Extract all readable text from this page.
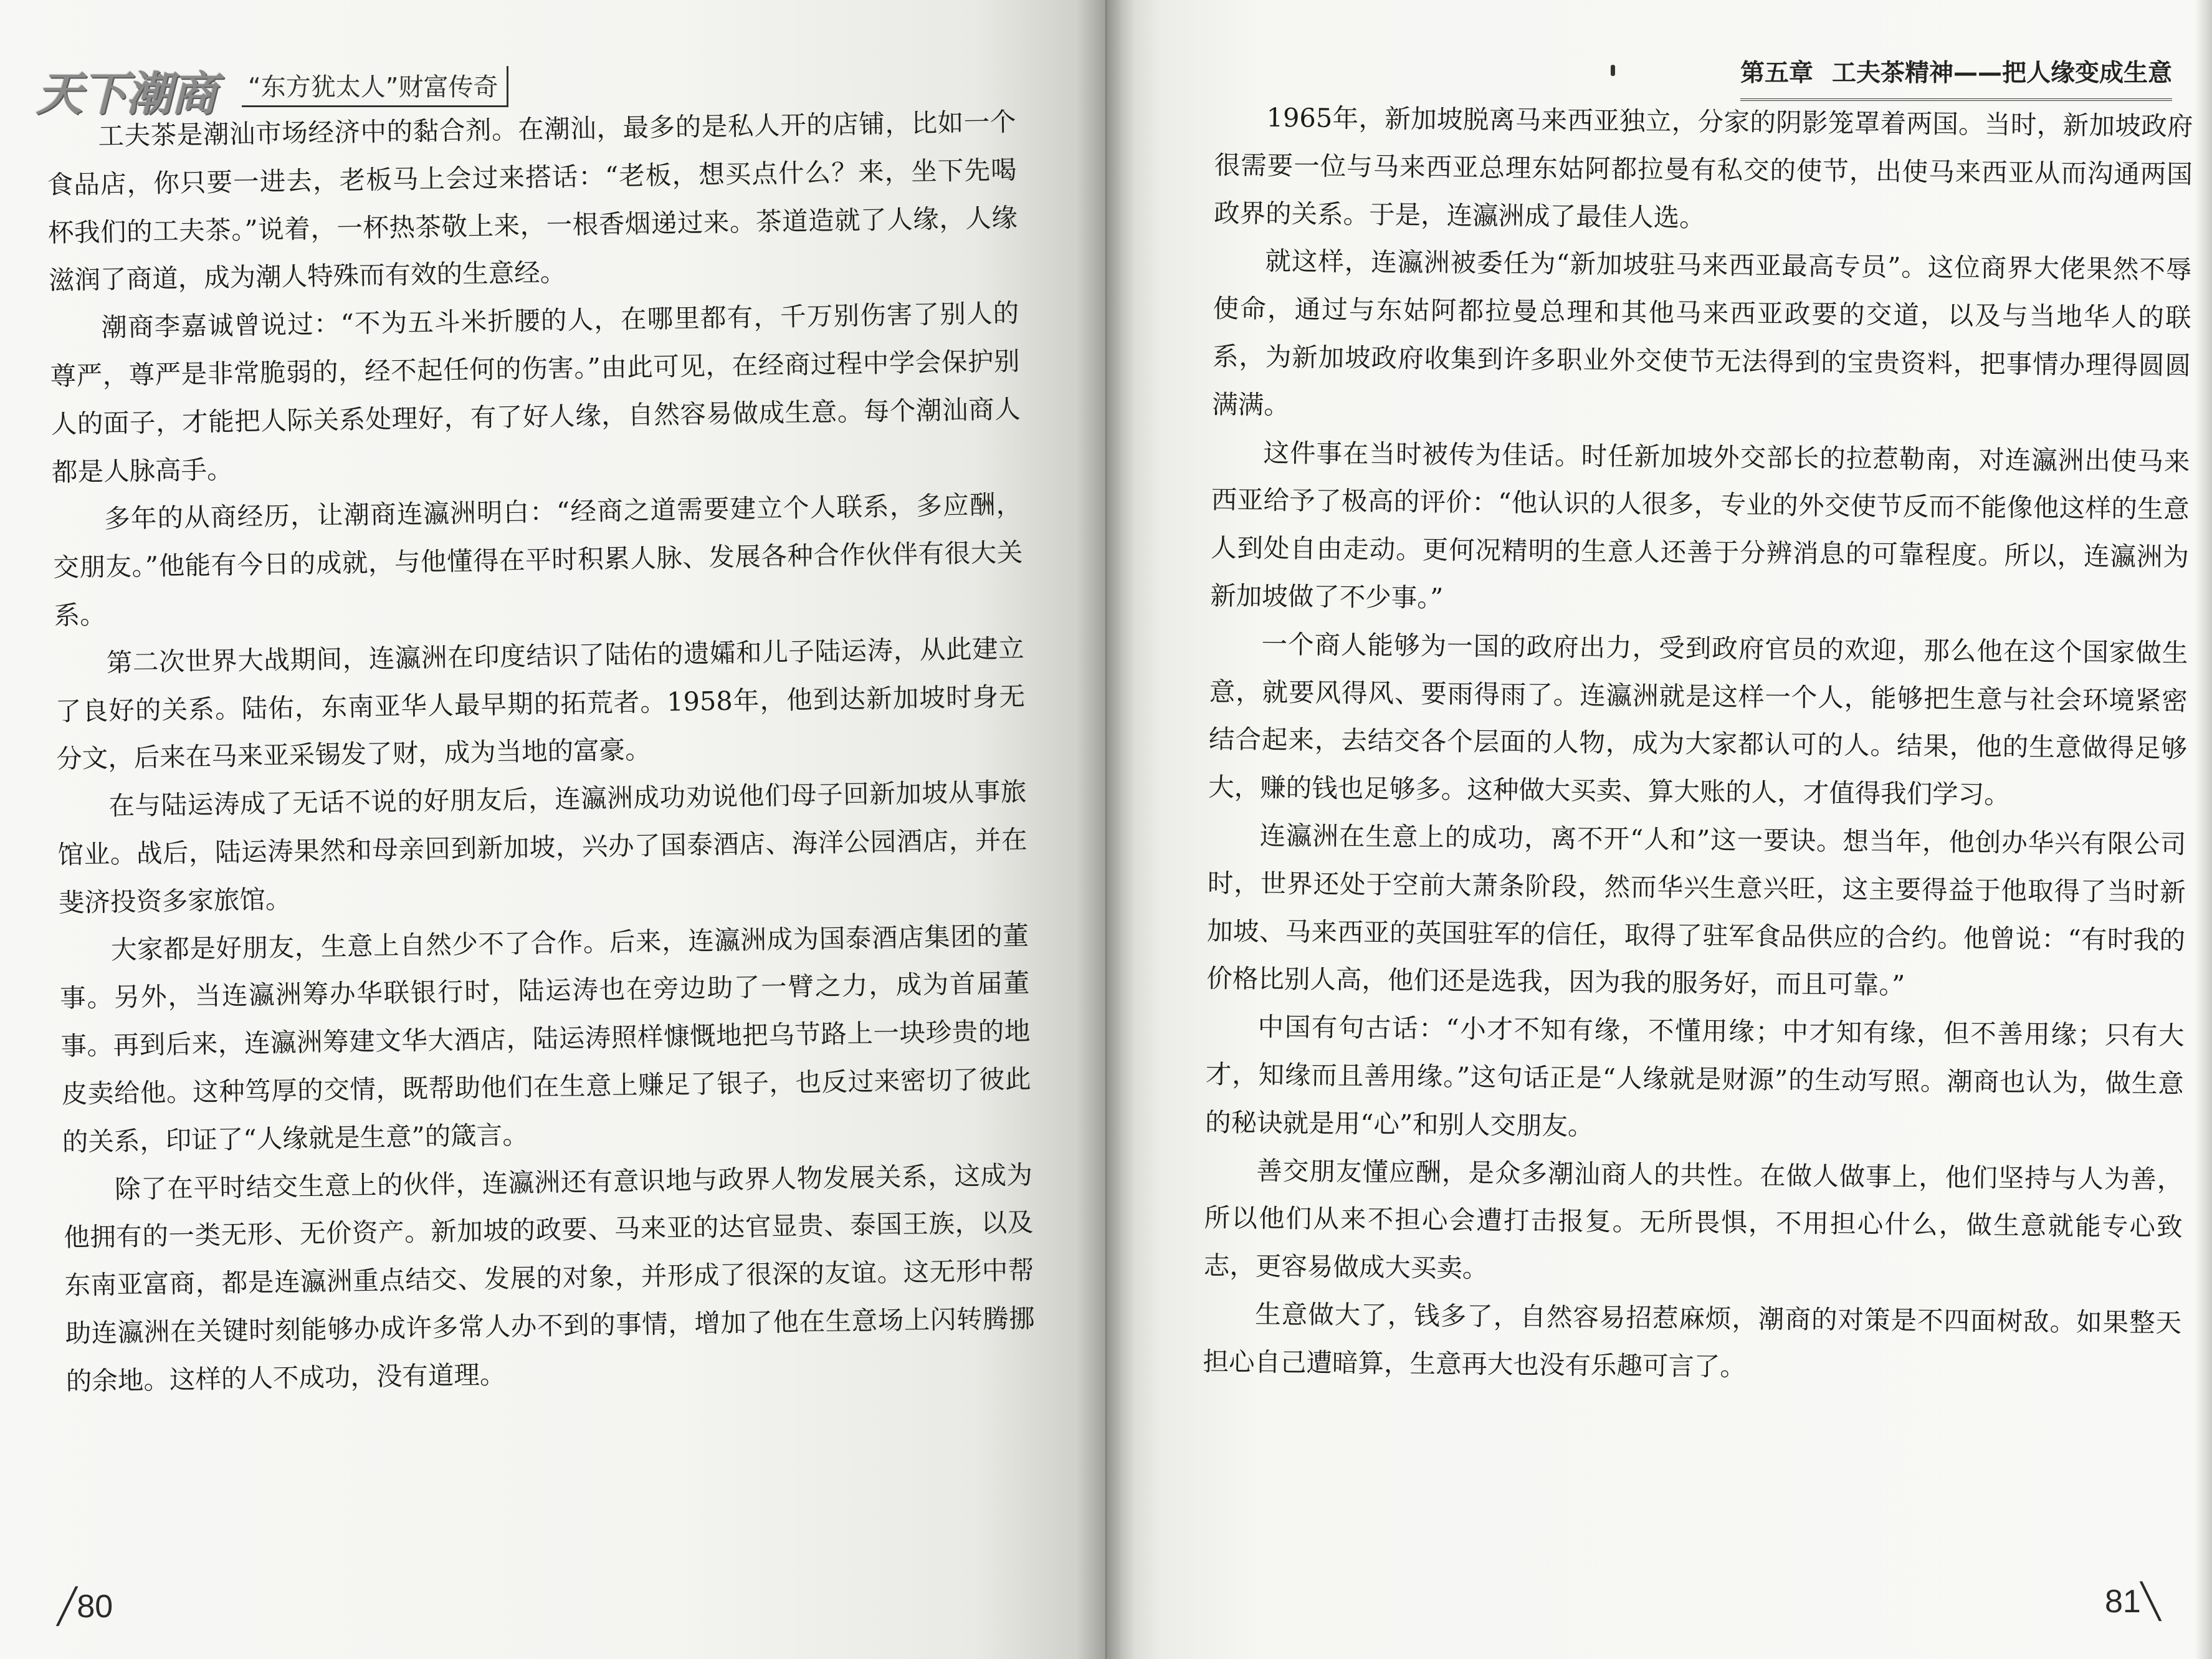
天下潮商 “东方犹太人”财富传奇

工夫茶是潮汕市场经济中的黏合剂。在潮汕，最多的是私人开的店铺，比如一个食品店，你只要一进去，老板马上会过来搭话：“老板，想买点什么？来，坐下先喝杯我们的工夫茶。”说着，一杯热茶敬上来，一根香烟递过来。茶道造就了人缘，人缘滋润了商道，成为潮人特殊而有效的生意经。

潮商李嘉诚曾说过：“不为五斗米折腰的人，在哪里都有，千万别伤害了别人的尊严，尊严是非常脆弱的，经不起任何的伤害。”由此可见，在经商过程中学会保护别人的面子，才能把人际关系处理好，有了好人缘，自然容易做成生意。每个潮汕商人都是人脉高手。

多年的从商经历，让潮商连瀛洲明白：“经商之道需要建立个人联系，多应酬，交朋友。”他能有今日的成就，与他懂得在平时积累人脉、发展各种合作伙伴有很大关系。

第二次世界大战期间，连瀛洲在印度结识了陆佑的遗孀和儿子陆运涛，从此建立了良好的关系。陆佑，东南亚华人最早期的拓荒者。1958年，他到达新加坡时身无分文，后来在马来亚采锡发了财，成为当地的富豪。

在与陆运涛成了无话不说的好朋友后，连瀛洲成功劝说他们母子回新加坡从事旅馆业。战后，陆运涛果然和母亲回到新加坡，兴办了国泰酒店、海洋公园酒店，并在斐济投资多家旅馆。

大家都是好朋友，生意上自然少不了合作。后来，连瀛洲成为国泰酒店集团的董事。另外，当连瀛洲筹办华联银行时，陆运涛也在旁边助了一臂之力，成为首届董事。再到后来，连瀛洲筹建文华大酒店，陆运涛照样慷慨地把乌节路上一块珍贵的地皮卖给他。这种笃厚的交情，既帮助他们在生意上赚足了银子，也反过来密切了彼此的关系，印证了“人缘就是生意”的箴言。

除了在平时结交生意上的伙伴，连瀛洲还有意识地与政界人物发展关系，这成为他拥有的一类无形、无价资产。新加坡的政要、马来亚的达官显贵、泰国王族，以及东南亚富商，都是连瀛洲重点结交、发展的对象，并形成了很深的友谊。这无形中帮助连瀛洲在关键时刻能够办成许多常人办不到的事情，增加了他在生意场上闪转腾挪的余地。这样的人不成功，没有道理。

╱80
第五章 工夫茶精神——把人缘变成生意

1965年，新加坡脱离马来西亚独立，分家的阴影笼罩着两国。当时，新加坡政府很需要一位与马来西亚总理东姑阿都拉曼有私交的使节，出使马来西亚从而沟通两国政界的关系。于是，连瀛洲成了最佳人选。

就这样，连瀛洲被委任为“新加坡驻马来西亚最高专员”。这位商界大佬果然不辱使命，通过与东姑阿都拉曼总理和其他马来西亚政要的交道，以及与当地华人的联系，为新加坡政府收集到许多职业外交使节无法得到的宝贵资料，把事情办理得圆圆满满。

这件事在当时被传为佳话。时任新加坡外交部长的拉惹勒南，对连瀛洲出使马来西亚给予了极高的评价：“他认识的人很多，专业的外交使节反而不能像他这样的生意人到处自由走动。更何况精明的生意人还善于分辨消息的可靠程度。所以，连瀛洲为新加坡做了不少事。”

一个商人能够为一国的政府出力，受到政府官员的欢迎，那么他在这个国家做生意，就要风得风、要雨得雨了。连瀛洲就是这样一个人，能够把生意与社会环境紧密结合起来，去结交各个层面的人物，成为大家都认可的人。结果，他的生意做得足够大，赚的钱也足够多。这种做大买卖、算大账的人，才值得我们学习。

连瀛洲在生意上的成功，离不开“人和”这一要诀。想当年，他创办华兴有限公司时，世界还处于空前大萧条阶段，然而华兴生意兴旺，这主要得益于他取得了当时新加坡、马来西亚的英国驻军的信任，取得了驻军食品供应的合约。他曾说：“有时我的价格比别人高，他们还是选我，因为我的服务好，而且可靠。”

中国有句古话：“小才不知有缘，不懂用缘；中才知有缘，但不善用缘；只有大才，知缘而且善用缘。”这句话正是“人缘就是财源”的生动写照。潮商也认为，做生意的秘诀就是用“心”和别人交朋友。

善交朋友懂应酬，是众多潮汕商人的共性。在做人做事上，他们坚持与人为善，所以他们从来不担心会遭打击报复。无所畏惧，不用担心什么，做生意就能专心致志，更容易做成大买卖。

生意做大了，钱多了，自然容易招惹麻烦，潮商的对策是不四面树敌。如果整天担心自己遭暗算，生意再大也没有乐趣可言了。

81╲
